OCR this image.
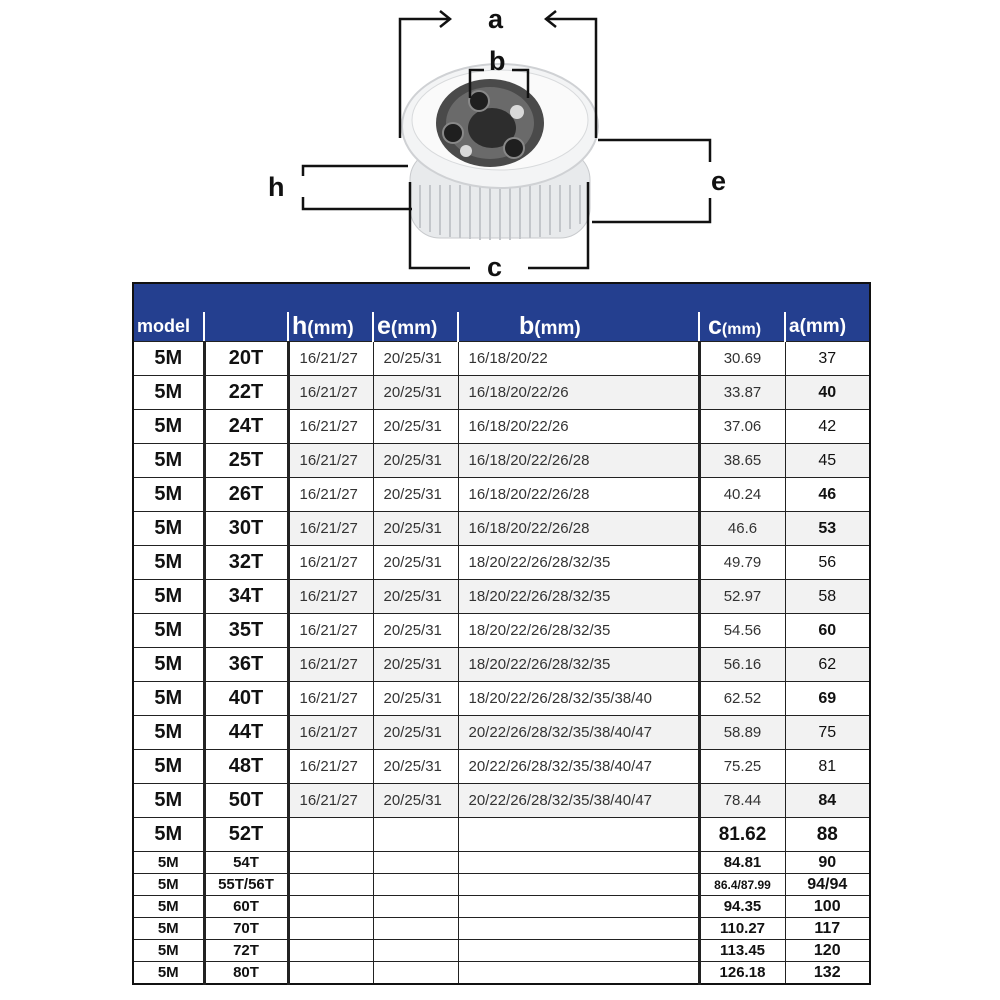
a
b
e
h
c

model		h(mm)	e(mm)	b(mm)	c(mm)	a(mm)
5M	20T	16/21/27	20/25/31	16/18/20/22	30.69	37
5M	22T	16/21/27	20/25/31	16/18/20/22/26	33.87	40
5M	24T	16/21/27	20/25/31	16/18/20/22/26	37.06	42
5M	25T	16/21/27	20/25/31	16/18/20/22/26/28	38.65	45
5M	26T	16/21/27	20/25/31	16/18/20/22/26/28	40.24	46
5M	30T	16/21/27	20/25/31	16/18/20/22/26/28	46.6	53
5M	32T	16/21/27	20/25/31	18/20/22/26/28/32/35	49.79	56
5M	34T	16/21/27	20/25/31	18/20/22/26/28/32/35	52.97	58
5M	35T	16/21/27	20/25/31	18/20/22/26/28/32/35	54.56	60
5M	36T	16/21/27	20/25/31	18/20/22/26/28/32/35	56.16	62
5M	40T	16/21/27	20/25/31	18/20/22/26/28/32/35/38/40	62.52	69
5M	44T	16/21/27	20/25/31	20/22/26/28/32/35/38/40/47	58.89	75
5M	48T	16/21/27	20/25/31	20/22/26/28/32/35/38/40/47	75.25	81
5M	50T	16/21/27	20/25/31	20/22/26/28/32/35/38/40/47	78.44	84
5M	52T				81.62	88
5M	54T				84.81	90
5M	55T/56T				86.4/87.99	94/94
5M	60T				94.35	100
5M	70T				110.27	117
5M	72T				113.45	120
5M	80T				126.18	132
